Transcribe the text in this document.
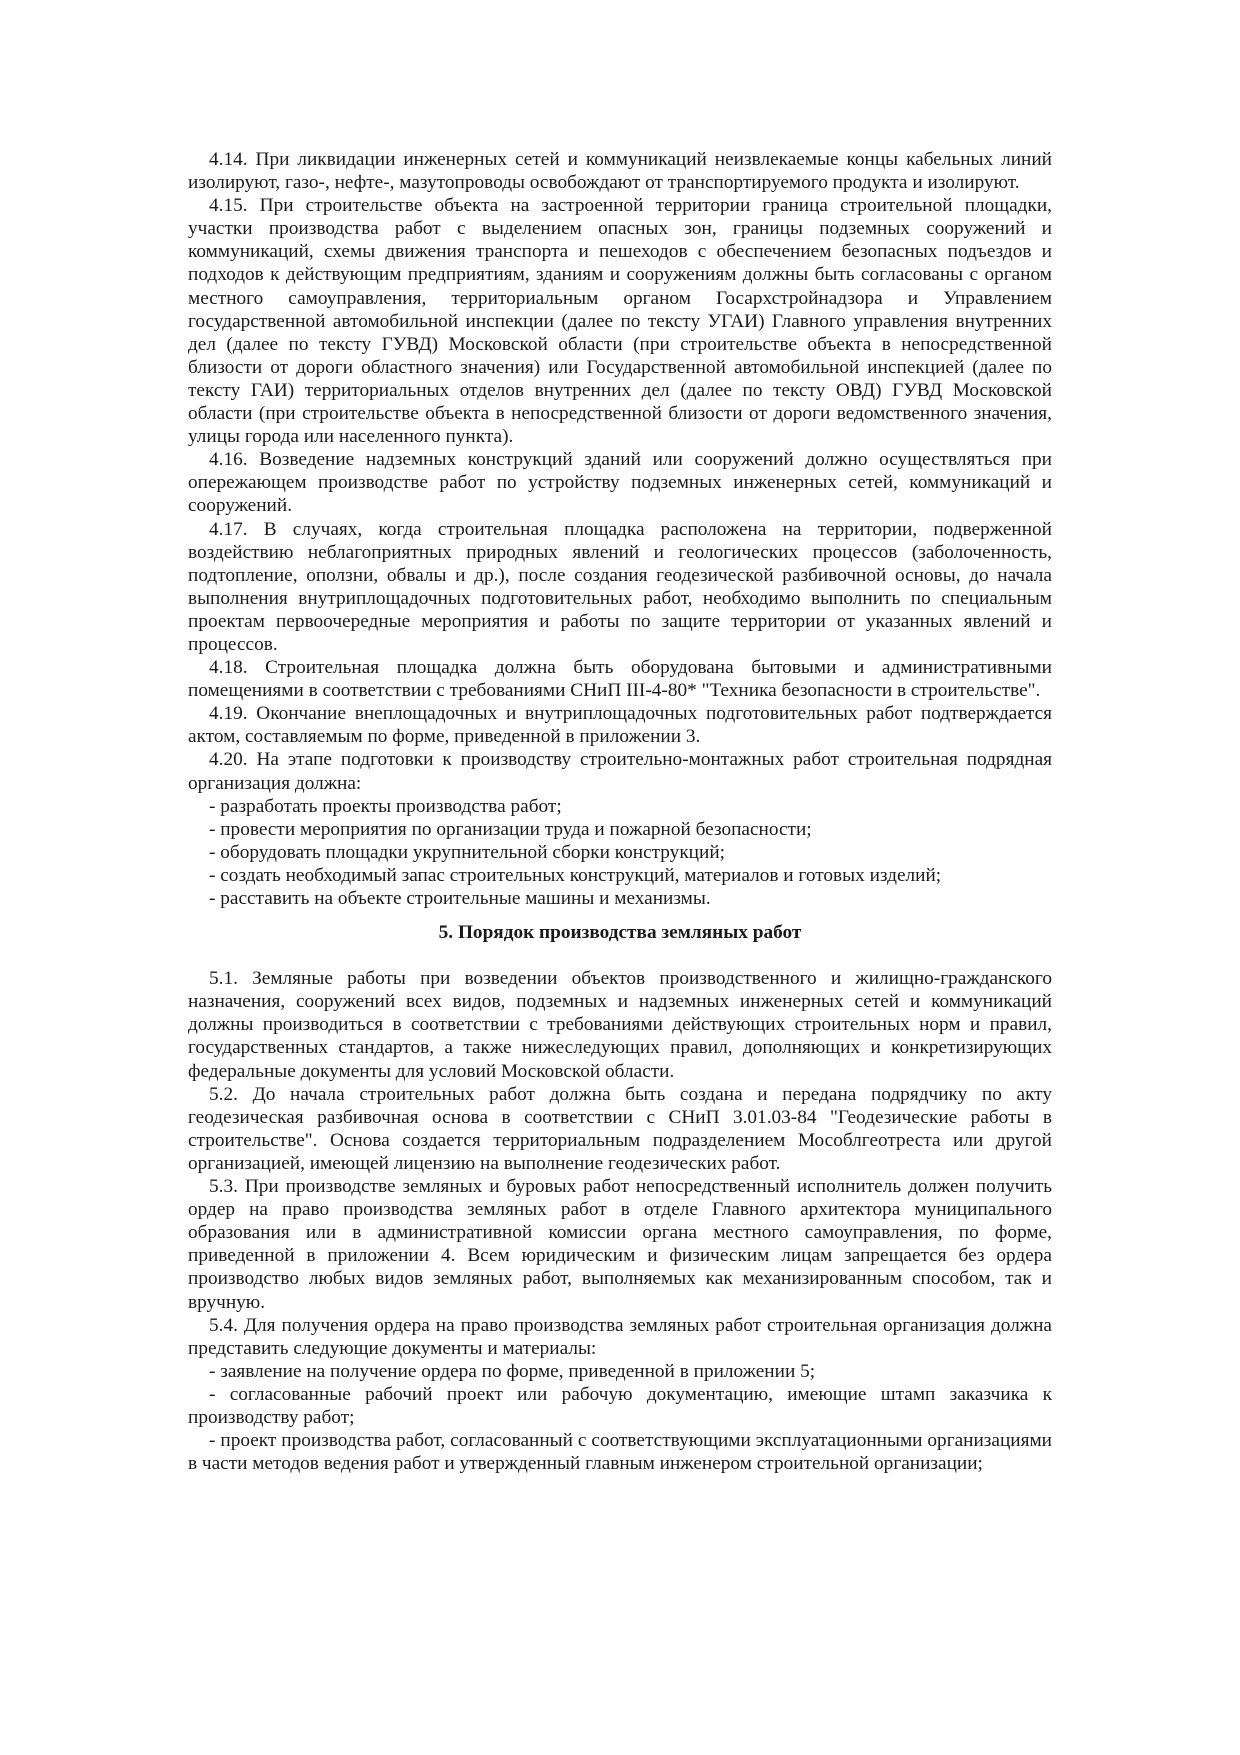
4.14. При ликвидации инженерных сетей и коммуникаций неизвлекаемые концы кабельных линий изолируют, газо-, нефте-, мазутопроводы освобождают от транспортируемого продукта и изолируют.

4.15. При строительстве объекта на застроенной территории граница строительной площадки, участки производства работ с выделением опасных зон, границы подземных сооружений и коммуникаций, схемы движения транспорта и пешеходов с обеспечением безопасных подъездов и подходов к действующим предприятиям, зданиям и сооружениям должны быть согласованы с органом местного самоуправления, территориальным органом Госархстройнадзора и Управлением государственной автомобильной инспекции (далее по тексту УГАИ) Главного управления внутренних дел (далее по тексту ГУВД) Московской области (при строительстве объекта в непосредственной близости от дороги областного значения) или Государственной автомобильной инспекцией (далее по тексту ГАИ) территориальных отделов внутренних дел (далее по тексту ОВД) ГУВД Московской области (при строительстве объекта в непосредственной близости от дороги ведомственного значения, улицы города или населенного пункта).

4.16. Возведение надземных конструкций зданий или сооружений должно осуществляться при опережающем производстве работ по устройству подземных инженерных сетей, коммуникаций и сооружений.

4.17. В случаях, когда строительная площадка расположена на территории, подверженной воздействию неблагоприятных природных явлений и геологических процессов (заболоченность, подтопление, оползни, обвалы и др.), после создания геодезической разбивочной основы, до начала выполнения внутриплощадочных подготовительных работ, необходимо выполнить по специальным проектам первоочередные мероприятия и работы по защите территории от указанных явлений и процессов.

4.18. Строительная площадка должна быть оборудована бытовыми и административными помещениями в соответствии с требованиями СНиП III-4-80* "Техника безопасности в строительстве".

4.19. Окончание внеплощадочных и внутриплощадочных подготовительных работ подтверждается актом, составляемым по форме, приведенной в приложении 3.

4.20. На этапе подготовки к производству строительно-монтажных работ строительная подрядная организация должна:

- разработать проекты производства работ;

- провести мероприятия по организации труда и пожарной безопасности;

- оборудовать площадки укрупнительной сборки конструкций;

- создать необходимый запас строительных конструкций, материалов и готовых изделий;

- расставить на объекте строительные машины и механизмы.

5. Порядок производства земляных работ

5.1. Земляные работы при возведении объектов производственного и жилищно-гражданского назначения, сооружений всех видов, подземных и надземных инженерных сетей и коммуникаций должны производиться в соответствии с требованиями действующих строительных норм и правил, государственных стандартов, а также нижеследующих правил, дополняющих и конкретизирующих федеральные документы для условий Московской области.

5.2. До начала строительных работ должна быть создана и передана подрядчику по акту геодезическая разбивочная основа в соответствии с СНиП 3.01.03-84 "Геодезические работы в строительстве". Основа создается территориальным подразделением Мособлгеотреста или другой организацией, имеющей лицензию на выполнение геодезических работ.

5.3. При производстве земляных и буровых работ непосредственный исполнитель должен получить ордер на право производства земляных работ в отделе Главного архитектора муниципального образования или в административной комиссии органа местного самоуправления, по форме, приведенной в приложении 4. Всем юридическим и физическим лицам запрещается без ордера производство любых видов земляных работ, выполняемых как механизированным способом, так и вручную.

5.4. Для получения ордера на право производства земляных работ строительная организация должна представить следующие документы и материалы:

- заявление на получение ордера по форме, приведенной в приложении 5;

- согласованные рабочий проект или рабочую документацию, имеющие штамп заказчика к производству работ;

- проект производства работ, согласованный с соответствующими эксплуатационными организациями в части методов ведения работ и утвержденный главным инженером строительной организации;
